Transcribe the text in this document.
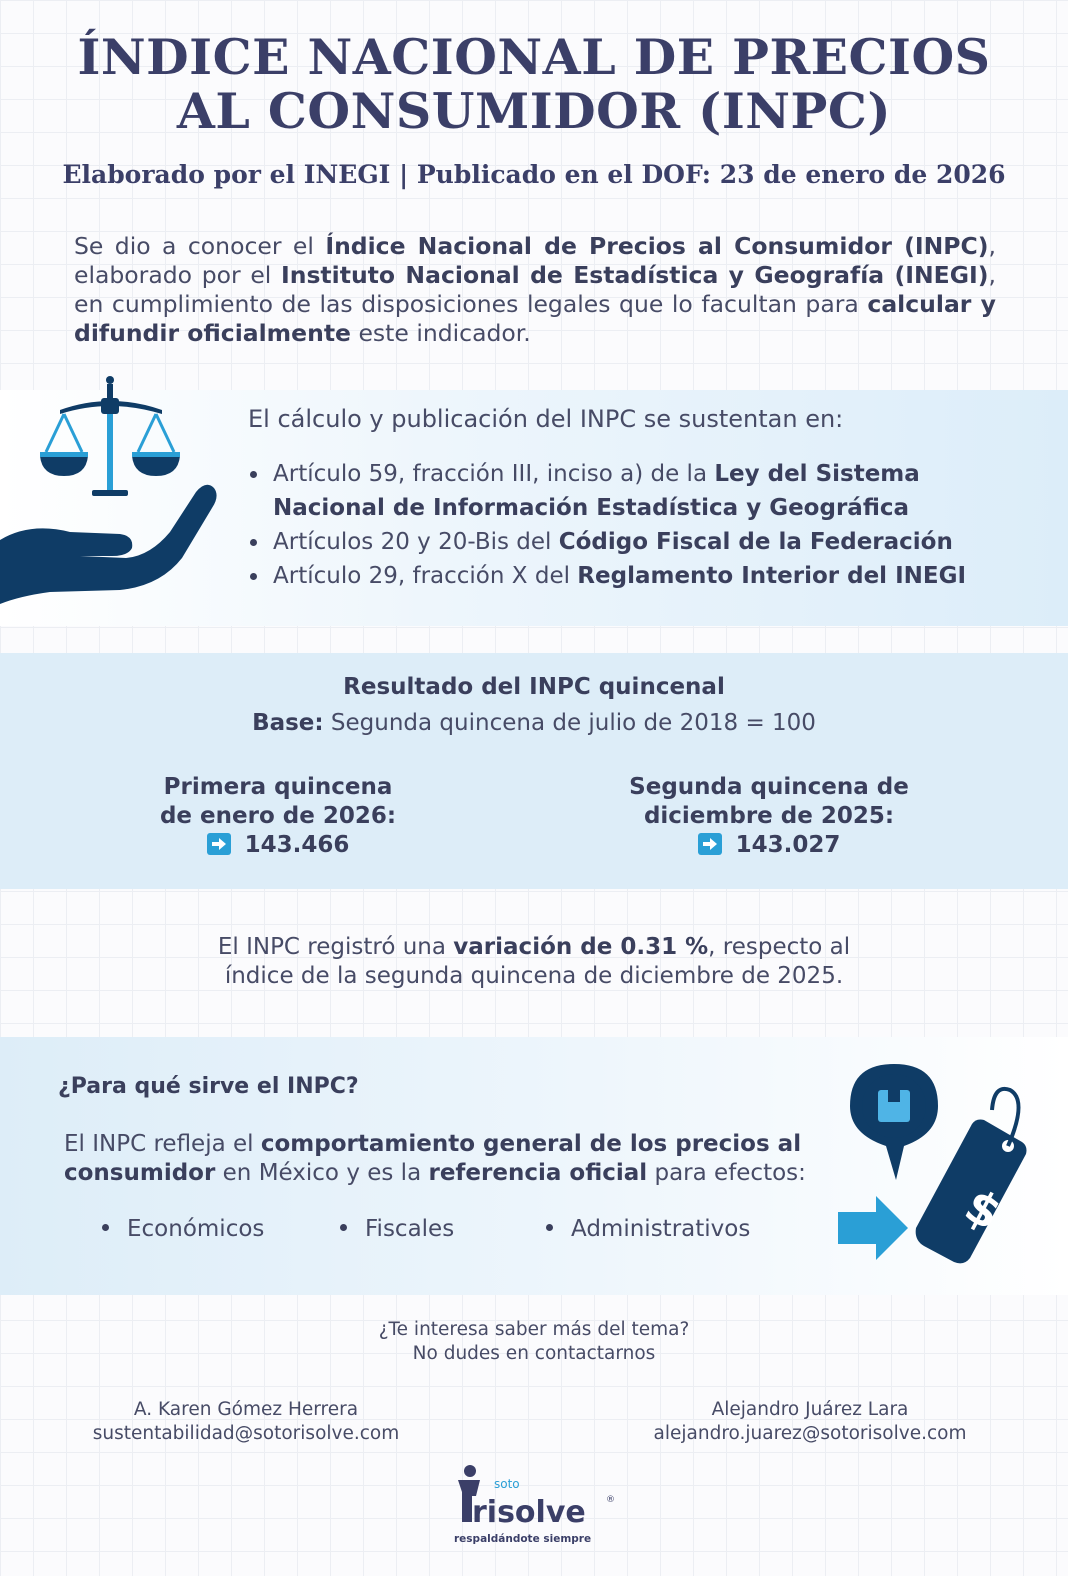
ÍNDICE NACIONAL DE PRECIOS
AL CONSUMIDOR (INPC)
Elaborado por el INEGI | Publicado en el DOF: 23 de enero de 2026
Se dio a conocer el Índice Nacional de Precios al Consumidor (INPC), elaborado por el Instituto Nacional de Estadística y Geografía (INEGI), en cumplimiento de las disposiciones legales que lo facultan para calcular y difundir oficialmente este indicador.
El cálculo y publicación del INPC se sustentan en:
Artículo 59, fracción III, inciso a) de la Ley del Sistema
Nacional de Información Estadística y Geográfica
Artículos 20 y 20-Bis del Código Fiscal de la Federación
Artículo 29, fracción X del Reglamento Interior del INEGI
Resultado del INPC quincenal
Base: Segunda quincena de julio de 2018 = 100
Primera quincena
de enero de 2026:
143.466
Segunda quincena de
diciembre de 2025:
143.027
El INPC registró una variación de 0.31 %, respecto al
índice de la segunda quincena de diciembre de 2025.
¿Para qué sirve el INPC?
El INPC refleja el comportamiento general de los precios al consumidor en México y es la referencia oficial para efectos:
Económicos	Fiscales	Administrativos	$
¿Te interesa saber más del tema?
No dudes en contactarnos
A. Karen Gómez Herrera
sustentabilidad@sotorisolve.com
Alejandro Juárez Lara
alejandro.juarez@sotorisolve.com
soto
risolve ®
respaldándote siempre
